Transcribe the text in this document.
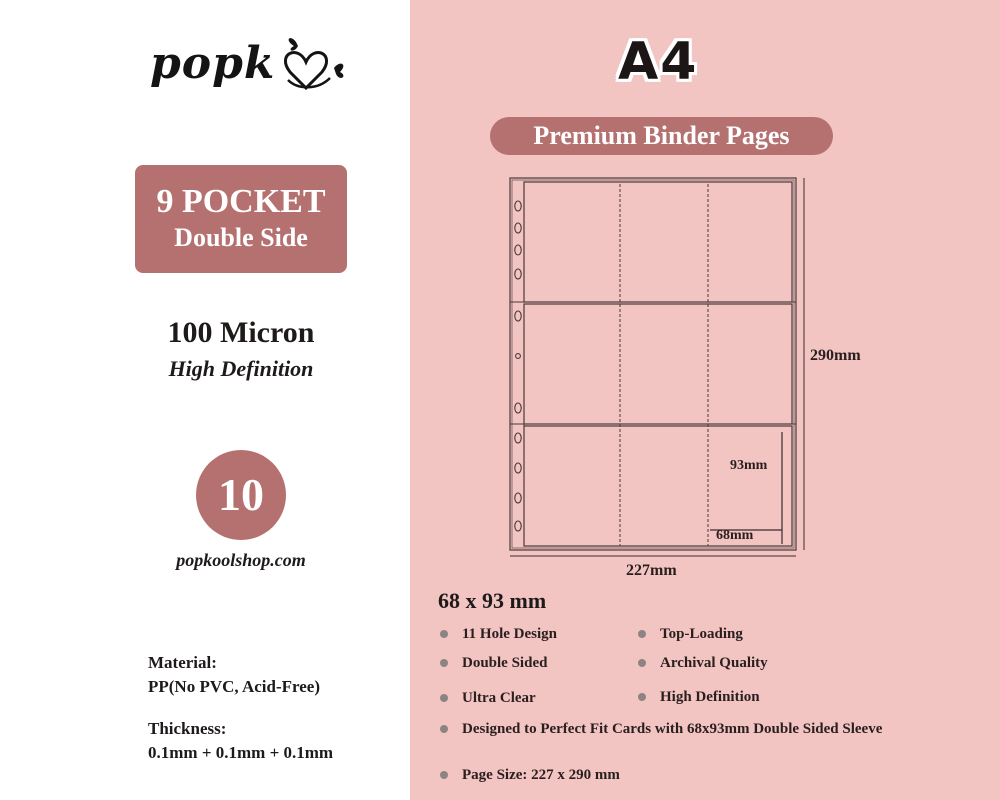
popk
9 POCKET
Double Side
100 Micron
High Definition
10
popkoolshop.com
Material:
PP(No PVC, Acid-Free)
Thickness:
0.1mm + 0.1mm + 0.1mm
A4
Premium Binder Pages
290mm
227mm
93mm
68mm
68 x 93 mm
11 Hole Design	Top-Loading
Double Sided	Archival Quality
Ultra Clear	High Definition
Designed to Perfect Fit Cards with 68x93mm Double Sided Sleeve
Page Size: 227 x 290 mm
